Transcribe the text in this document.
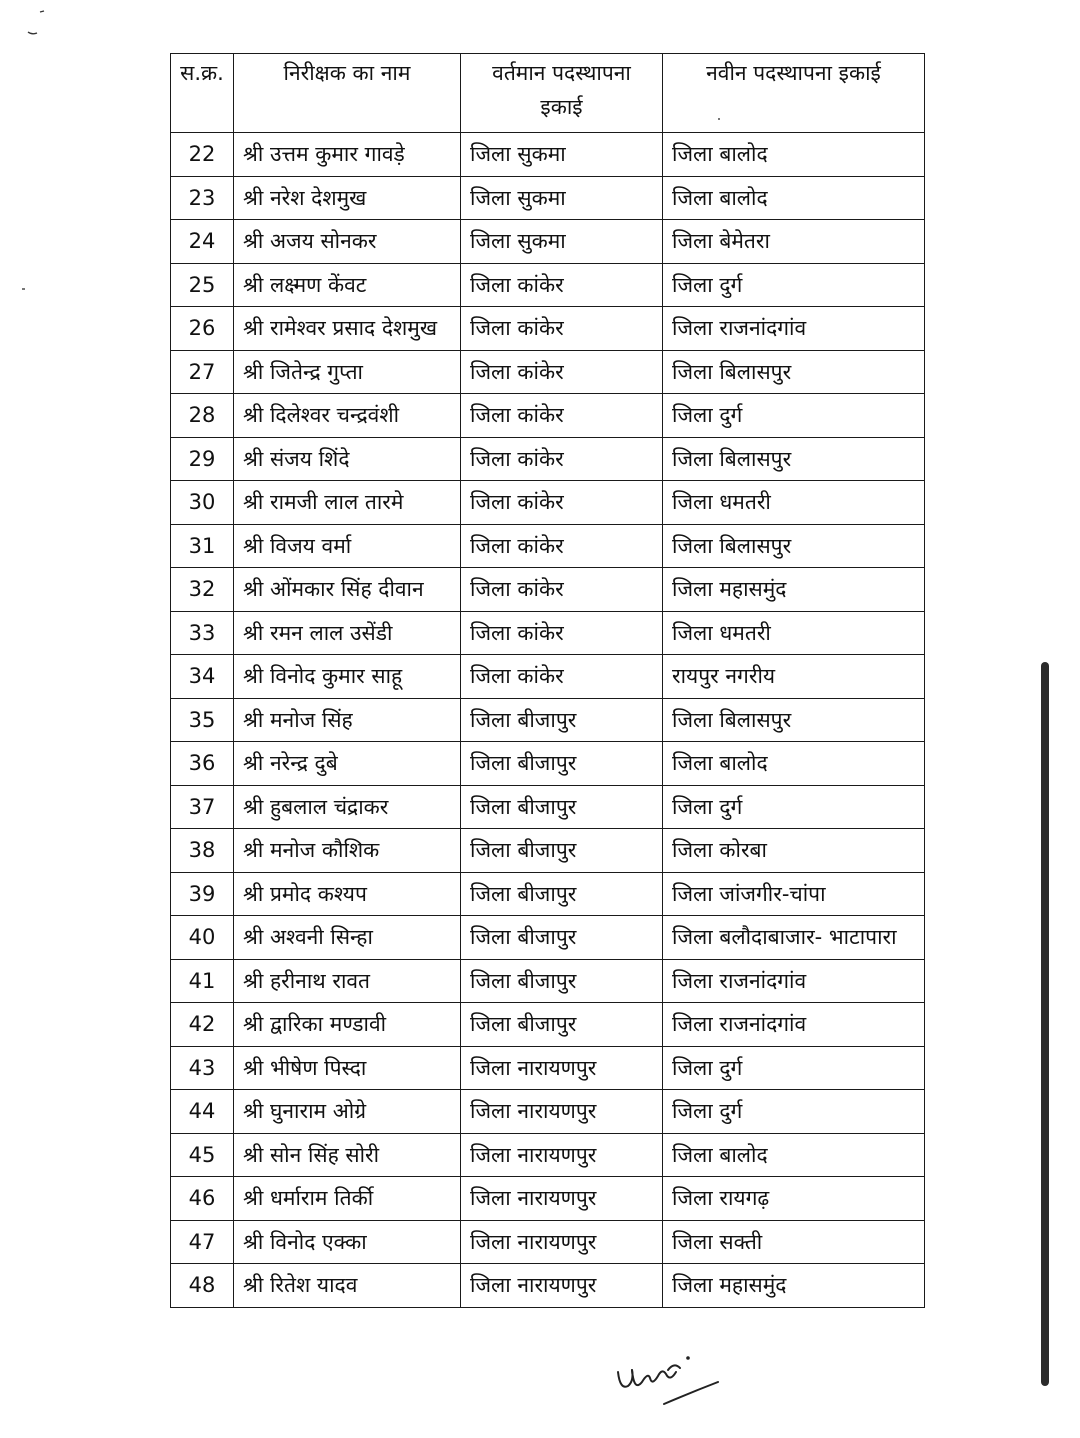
स.क्र.	निरीक्षक का नाम	वर्तमान पदस्थापना इकाई	नवीन पदस्थापना इकाई
22	श्री उत्तम कुमार गावड़े	जिला सुकमा	जिला बालोद
23	श्री नरेश देशमुख	जिला सुकमा	जिला बालोद
24	श्री अजय सोनकर	जिला सुकमा	जिला बेमेतरा
25	श्री लक्ष्मण केंवट	जिला कांकेर	जिला दुर्ग
26	श्री रामेश्वर प्रसाद देशमुख	जिला कांकेर	जिला राजनांदगांव
27	श्री जितेन्द्र गुप्ता	जिला कांकेर	जिला बिलासपुर
28	श्री दिलेश्वर चन्द्रवंशी	जिला कांकेर	जिला दुर्ग
29	श्री संजय शिंदे	जिला कांकेर	जिला बिलासपुर
30	श्री रामजी लाल तारमे	जिला कांकेर	जिला धमतरी
31	श्री विजय वर्मा	जिला कांकेर	जिला बिलासपुर
32	श्री ओंमकार सिंह दीवान	जिला कांकेर	जिला महासमुंद
33	श्री रमन लाल उसेंडी	जिला कांकेर	जिला धमतरी
34	श्री विनोद कुमार साहू	जिला कांकेर	रायपुर नगरीय
35	श्री मनोज सिंह	जिला बीजापुर	जिला बिलासपुर
36	श्री नरेन्द्र दुबे	जिला बीजापुर	जिला बालोद
37	श्री हुबलाल चंद्राकर	जिला बीजापुर	जिला दुर्ग
38	श्री मनोज कौशिक	जिला बीजापुर	जिला कोरबा
39	श्री प्रमोद कश्यप	जिला बीजापुर	जिला जांजगीर-चांपा
40	श्री अश्वनी सिन्हा	जिला बीजापुर	जिला बलौदाबाजार- भाटापारा
41	श्री हरीनाथ रावत	जिला बीजापुर	जिला राजनांदगांव
42	श्री द्वारिका मण्डावी	जिला बीजापुर	जिला राजनांदगांव
43	श्री भीषेण पिस्दा	जिला नारायणपुर	जिला दुर्ग
44	श्री घुनाराम ओग्रे	जिला नारायणपुर	जिला दुर्ग
45	श्री सोन सिंह सोरी	जिला नारायणपुर	जिला बालोद
46	श्री धर्माराम तिर्की	जिला नारायणपुर	जिला रायगढ़
47	श्री विनोद एक्का	जिला नारायणपुर	जिला सक्ती
48	श्री रितेश यादव	जिला नारायणपुर	जिला महासमुंद
